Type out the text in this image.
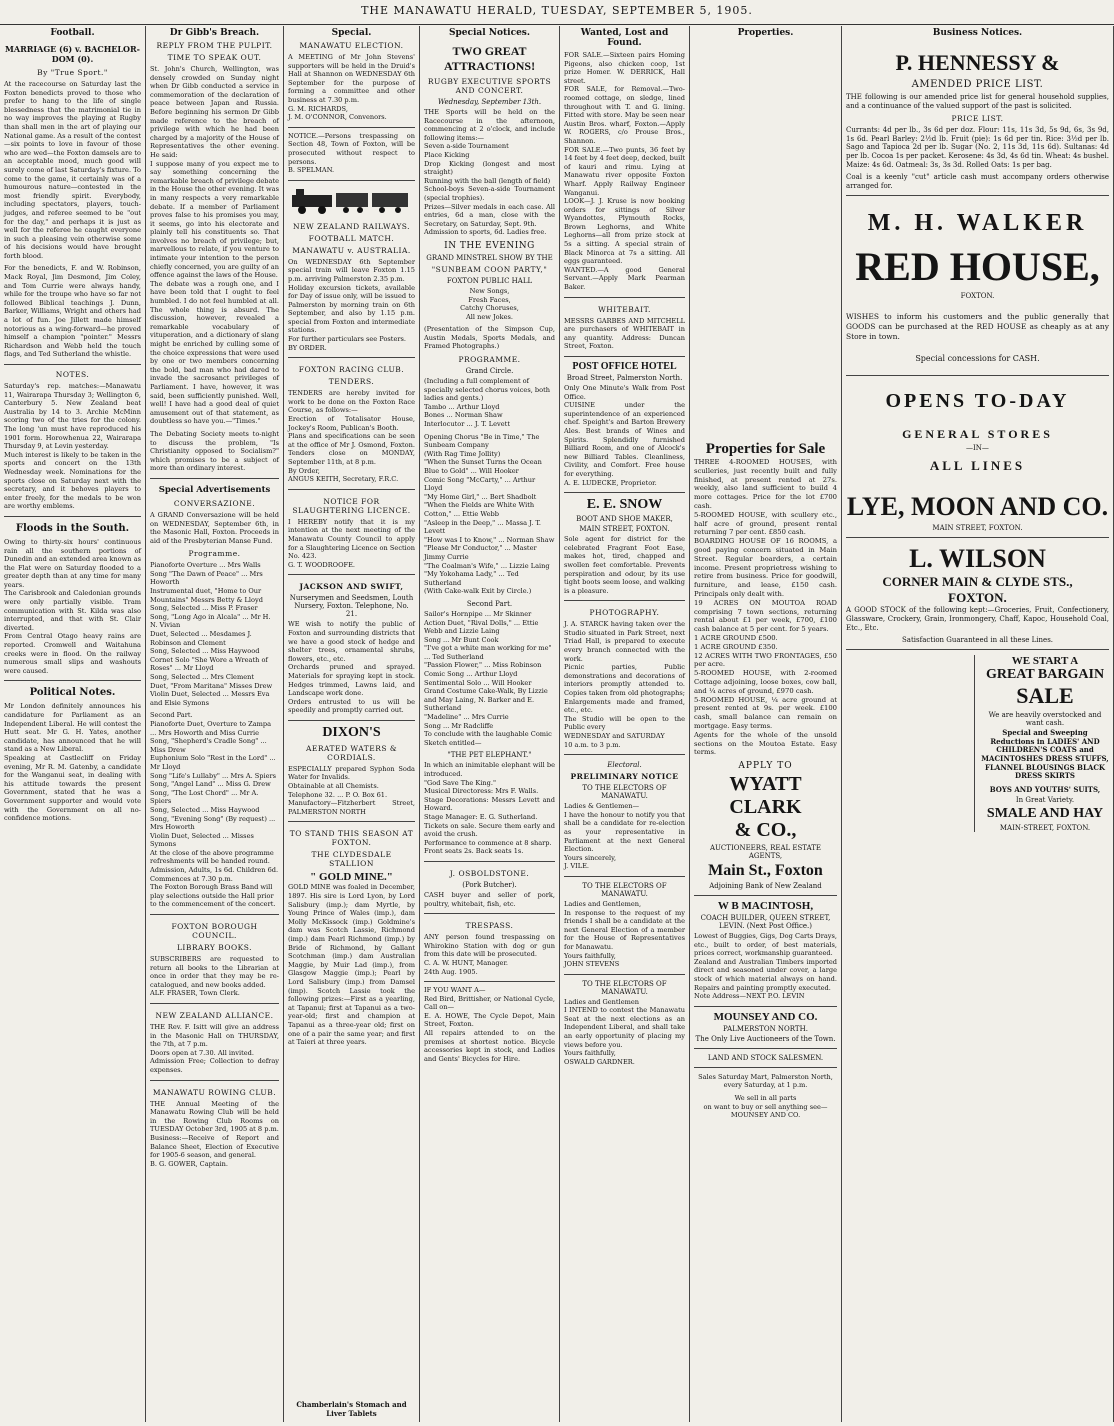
THE MANAWATU HERALD, TUESDAY, SEPTEMBER 5, 1905.
Football.
MARRIAGE (6) v. BACHELOR-DOM (0).
By "True Sport."

At the racecourse on Saturday last the Foxton benedicts proved to those who prefer to hang to the life of single blessedness that the matrimonial tie in no way improves the playing at Rugby than shall men in the art of playing our National game. As a result of the contest—six points to love in favour of those who are wed—the Foxton damsels are to an acceptable mood, much good will surely come of last Saturday's fixture. To come to the game, it certainly was of a humourous nature—contested in the most friendly spirit. Everybody, including spectators, players, touch-judges, and referee seemed to be "out for the day," and perhaps it is just as well for the referee he caught everyone in such a pleasing vein otherwise some of his decisions would have brought forth blood.

For the benedicts, F. and W. Robinson, Mack Royal, Jim Desmond, Jim Coley, and Tom Currie were always handy, while for the troupe who have so far not followed Biblical teachings J. Dunn, Barker, Williams, Wright and others had a lot of fun. Joe Jillett made himself notorious as a wing-forward—he proved himself a champion "pointer." Messrs Richardson and Webb held the touch flags, and Ted Sutherland the whistle.

NOTES.

Saturday's rep. matches:—Manawatu 11, Wairarapa Thursday 3; Wellington 6, Canterbury 5. New Zealand beat Australia by 14 to 3. Archie McMinn scoring two of the tries for the colony. The long 'un must have reproduced his 1901 form. Horowhenua 22, Wairarapa Thursday 9, at Levin yesterday.
Much interest is likely to be taken in the sports and concert on the 13th Wednesday week. Nominations for the sports close on Saturday next with the secretary, and it behoves players to enter freely, for the medals to be won are worthy emblems.

Floods in the South.

Owing to thirty-six hours' continuous rain all the southern portions of Dunedin and an extended area known as the Flat were on Saturday flooded to a greater depth than at any time for many years.
The Carisbrook and Caledonian grounds were only partially visible. Tram communication with St. Kilda was also interrupted, and that with St. Clair diverted.
From Central Otago heavy rains are reported. Cromwell and Waitahuna creeks were in flood. On the railway numerous small slips and washouts were caused.

Political Notes.

Mr London definitely announces his candidature for Parliament as an Independent Liberal. He will contest the Hutt seat. Mr G. H. Yates, another candidate, has announced that he will stand as a New Liberal.
Speaking at Castlecliff on Friday evening, Mr R. M. Gatenby, a candidate for the Wanganui seat, in dealing with his attitude towards the present Government, stated that he was a Government supporter and would vote with the Government on all no-confidence motions.

Dr Gibb's Breach.
REPLY FROM THE PULPIT.
TIME TO SPEAK OUT.

St. John's Church, Wellington, was densely crowded on Sunday night when Dr Gibb conducted a service in commemoration of the declaration of peace between Japan and Russia. Before beginning his sermon Dr Gibb made reference to the breach of privilege with which he had been charged by a majority of the House of Representatives the other evening. He said:
I suppose many of you expect me to say something concerning the remarkable breach of privilege debate in the House the other evening. It was in many respects a very remarkable debate. If a member of Parliament proves false to his promises you may, it seems, go into his electorate and plainly tell his constituents so. That involves no breach of privilege; but, marvellous to relate, if you venture to intimate your intention to the person chiefly concerned, you are guilty of an offence against the laws of the House.
The debate was a rough one, and I have been told that I ought to feel humbled. I do not feel humbled at all. The whole thing is absurd. The discussion, however, revealed a remarkable vocabulary of vituperation, and a dictionary of slang might be enriched by culling some of the choice expressions that were used by one or two members concerning the bold, bad man who had dared to invade the sacrosanct privileges of Parliament. I have, however, it was said, been sufficiently punished. Well, well! I have had a good deal of quiet amusement out of that statement, as doubtless so have you.—"Times."

The Debating Society meets to-night to discuss the problem, "Is Christianity opposed to Socialism?" which promises to be a subject of more than ordinary interest.

Special Advertisements
CONVERSAZIONE.

A GRAND Conversazione will be held on WEDNESDAY, September 6th, in the Masonic Hall, Foxton. Proceeds in aid of the Presbyterian Manse Fund.

Programme.

Pianoforte Overture ... Mrs Walls
Song "The Dawn of Peace" ... Mrs Howorth
Instrumental duet, "Home to Our Mountains" Messrs Betty & Lloyd
Song, Selected ... Miss P. Fraser
Song, "Long Ago in Alcala" ... Mr H. N. Vivian
Duet, Selected ... Mesdames J. Robinson and Clement
Song, Selected ... Miss Haywood
Cornet Solo "She Wore a Wreath of Roses" ... Mr Lloyd
Song, Selected ... Mrs Clement
Duet, "From Maritana" Misses Drew
Violin Duet, Selected ... Messrs Eva and Elsie Symons

Second Part.
Pianoforte Duet, Overture to Zampa ... Mrs Howorth and Miss Currie
Song, "Shepherd's Cradle Song" ... Miss Drew
Euphonium Solo "Rest in the Lord" ... Mr Lloyd
Song "Life's Lullaby" ... Mrs A. Spiers
Song, "Angel Land" ... Miss G. Drew
Song, "The Lost Chord" ... Mr A. Spiers
Song, Selected ... Miss Haywood
Song, "Evening Song" (By request) ... Mrs Howorth
Violin Duet, Selected ... Misses Symons
At the close of the above programme refreshments will be handed round.
Admission, Adults, 1s 6d. Children 6d. Commences at 7.30 p.m.
The Foxton Borough Brass Band will play selections outside the Hall prior to the commencement of the concert.

FOXTON BOROUGH COUNCIL.
LIBRARY BOOKS.

SUBSCRIBERS are requested to return all books to the Librarian at once in order that they may be re-catalogued, and new books added.
ALF. FRASER, Town Clerk.

NEW ZEALAND ALLIANCE.

THE Rev. F. Isitt will give an address in the Masonic Hall on THURSDAY, the 7th, at 7 p.m.
Doors open at 7.30. All invited.
Admission Free; Collection to defray expenses.

MANAWATU ROWING CLUB.

THE Annual Meeting of the Manawatu Rowing Club will be held in the Rowing Club Rooms on TUESDAY October 3rd, 1905 at 8 p.m.
Business:—Receive of Report and Balance Sheet, Election of Executive for 1905-6 season, and general.
B. G. GOWER, Captain.

Special.
MANAWATU ELECTION.

A MEETING of Mr John Stevens' supporters will be held in the Druid's Hall at Shannon on WEDNESDAY 6th September for the purpose of forming a committee and other business at 7.30 p.m.
G. M. RICHARDS,
J. M. O'CONNOR, Convenors.

NOTICE.—Persons trespassing on Section 48, Town of Foxton, will be prosecuted without respect to persons.
B. SPELMAN.

NEW ZEALAND RAILWAYS.
FOOTBALL MATCH.
MANAWATU v. AUSTRALIA.

On WEDNESDAY 6th September special train will leave Foxton 1.15 p.m. arriving Palmerston 2.35 p.m.
Holiday excursion tickets, available for Day of issue only, will be issued to Palmerston by morning train on 6th September, and also by 1.15 p.m. special from Foxton and intermediate stations.
For further particulars see Posters.
BY ORDER.

FOXTON RACING CLUB.
TENDERS.

TENDERS are hereby invited for work to be done on the Foxton Race Course, as follows:—
Erection of Totalisator House, Jockey's Room, Publican's Booth.
Plans and specifications can be seen at the office of Mr J. Osmond, Foxton. Tenders close on MONDAY, September 11th, at 8 p.m.
By Order,
ANGUS KEITH, Secretary, F.R.C.

NOTICE FOR SLAUGHTERING LICENCE.

I HEREBY notify that it is my intention at the next meeting of the Manawatu County Council to apply for a Slaughtering Licence on Section No. 423.
G. T. WOODROOFE.

JACKSON AND SWIFT,
Nurserymen and Seedsmen, Louth Nursery, Foxton. Telephone, No. 21.

WE wish to notify the public of Foxton and surrounding districts that we have a good stock of hedge and shelter trees, ornamental shrubs, flowers, etc., etc.
Orchards pruned and sprayed. Materials for spraying kept in stock. Hedges trimmed, Lawns laid, and Landscape work done.
Orders entrusted to us will be speedily and promptly carried out.

DIXON'S
AERATED WATERS & CORDIALS.

ESPECIALLY prepared Syphon Soda Water for Invalids.
Obtainable at all Chemists.
Telephone 32. ... P. O. Box 61.
Manufactory—Fitzherbert Street, PALMERSTON NORTH

TO STAND THIS SEASON AT FOXTON.
THE CLYDESDALE STALLION
" GOLD MINE."

GOLD MINE was foaled in December, 1897. His sire is Lord Lyon, by Lord Salisbury (imp.); dam Myrtle, by Young Prince of Wales (imp.), dam Molly McKissock (imp.) Goldmine's dam was Scotch Lassie, Richmond (imp.) dam Pearl Richmond (imp.) by Bride of Richmond, by Gallant Scotchman (imp.) dam Australian Maggie, by Muir Lad (imp.), from Glasgow Maggie (imp.); Pearl by Lord Salisbury (imp.) from Damsel (imp). Scotch Lassie took the following prizes:—First as a yearling, at Tapanui; first at Tapanui as a two-year-old; first and champion at Tapanui as a three-year old; first on one of a pair the same year; and first at Taieri at three years.

Chamberlain's Stomach and Liver Tablets
Special Notices.
TWO GREAT ATTRACTIONS!
RUGBY EXECUTIVE SPORTS AND CONCERT.
Wednesday, September 13th.

THE Sports will be held on the Racecourse in the afternoon, commencing at 2 o'clock, and include following items:—
Seven a-side Tournament
Place Kicking
Drop Kicking (longest and most straight)
Running with the ball (length of field)
School-boys Seven-a-side Tournament (special trophies).
Prizes—Silver medals in each case. All entries, 6d a man, close with the Secretary, on Saturday, Sept. 9th.
Admission to sports, 6d. Ladies free.

IN THE EVENING
GRAND MINSTREL SHOW BY THE
"SUNBEAM COON PARTY,"
FOXTON PUBLIC HALL

New Songs,
Fresh Faces,
Catchy Choruses,
All new Jokes.

(Presentation of the Simpson Cup, Austin Medals, Sports Medals, and Framed Photographs.)

PROGRAMME.
Grand Circle.

(Including a full complement of specially selected chorus voices, both ladies and gents.)
Tambo ... Arthur Lloyd
Bones ... Norman Shaw
Interlocutor ... J. T. Levett

Opening Chorus "Be in Time," The Sunbeam Company
(With Rag Time Jollity)
"When the Sunset Turns the Ocean Blue to Gold" ... Will Hooker
Comic Song "McCarty," ... Arthur Lloyd
"My Home Girl," ... Bert Shadbolt
"When the Fields are White With Cotton," ... Ettie Webb
"Asleep in the Deep," ... Massa J. T. Levett
"How was I to Know," ... Norman Shaw
"Please Mr Conductor," ... Master Jimmy Currie
"The Coalman's Wife," ... Lizzie Laing
"My Yokohama Lady," ... Ted Sutherland
(With Cake-walk Exit by Circle.)

Second Part.

Sailor's Hornpipe ... Mr Skinner
Action Duet, "Rival Dolls," ... Ettie Webb and Lizzie Laing
Song ... Mr Bunt Cook
"I've got a white man working for me" ... Ted Sutherland
"Passion Flower," ... Miss Robinson
Comic Song ... Arthur Lloyd
Sentimental Solo ... Will Hooker
Grand Costume Cake-Walk, By Lizzie and May Laing, N. Barker and E. Sutherland
"Madeline" ... Mrs Currie
Song ... Mr Radcliffe
To conclude with the laughable Comic Sketch entitled—

"THE PET ELEPHANT."

In which an inimitable elephant will be introduced.
"God Save The King."
Musical Directoress: Mrs F. Walls.
Stage Decorations: Messrs Levett and Howard.
Stage Manager: E. G. Sutherland.
Tickets on sale. Secure them early and avoid the crush.
Performance to commence at 8 sharp.
Front seats 2s. Back seats 1s.

J. OSBOLDSTONE.
(Pork Butcher).

CASH buyer and seller of pork, poultry, whitebait, fish, etc.

TRESPASS.

ANY person found trespassing on Whirokino Station with dog or gun from this date will be prosecuted.
C. A. W. HUNT, Manager.
24th Aug. 1905.

IF YOU WANT A—
Red Bird, Brittisher, or National Cycle, Call on—
E. A. HOWE, The Cycle Depot, Main Street, Foxton.
All repairs attended to on the premises at shortest notice. Bicycle accessories kept in stock, and Ladies and Gents' Bicycles for Hire.

Wanted, Lost and Found.

FOR SALE.—Sixteen pairs Homing Pigeons, also chicken coop, 1st prize Homer. W. DERRICK, Hall street.
FOR SALE, for Removal.—Two-roomed cottage, on sledge, lined throughout with T. and G. lining. Fitted with store. May be seen near Austin Bros. wharf, Foxton.—Apply W. ROGERS, c/o Prouse Bros., Shannon.
FOR SALE.—Two punts, 36 feet by 14 feet by 4 feet deep, decked, built of kauri and rimu. Lying at Manawatu river opposite Foxton Wharf. Apply Railway Engineer Wanganui.
LOOK—J. J. Kruse is now booking orders for sittings of Silver Wyandottes, Plymouth Rocks, Brown Leghorns, and White Leghorns—all from prize stock at 5s a sitting. A special strain of Black Minorca at 7s a sitting. All eggs guaranteed.
WANTED.—A good General Servant.—Apply Mark Pearman Baker.

WHITEBAIT.

MESSRS GARBES AND MITCHELL are purchasers of WHITEBAIT in any quantity. Address: Duncan Street, Foxton.

POST OFFICE HOTEL
Broad Street, Palmerston North.

Only One Minute's Walk from Post Office.
CUISINE under the superintendence of an experienced chef. Speight's and Barton Brewery Ales. Best brands of Wines and Spirits. Splendidly furnished Billiard Room, and one of Alcock's new Billiard Tables. Cleanliness, Civility, and Comfort. Free house for everything.
A. E. LUDECKE, Proprietor.

E. E. SNOW
BOOT AND SHOE MAKER,
MAIN STREET, FOXTON.

Sole agent for district for the celebrated Fragrant Foot Ease, makes hot, tired, chapped and swollen feet comfortable. Prevents perspiration and odour, by its use tight boots seem loose, and walking is a pleasure.

PHOTOGRAPHY.

J. A. STARCK having taken over the Studio situated in Park Street, next Triad Hall, is prepared to execute every branch connected with the work.
Picnic parties, Public demonstrations and decorations of interiors promptly attended to. Copies taken from old photographs; Enlargements made and framed, etc., etc.
The Studio will be open to the Public every
WEDNESDAY and SATURDAY
10 a.m. to 3 p.m.

Electoral.
PRELIMINARY NOTICE
TO THE ELECTORS OF MANAWATU.

Ladies & Gentlemen—
I have the honour to notify you that shall be a candidate for re-election as your representative in Parliament at the next General Election.
Yours sincerely,
J. VILE.

TO THE ELECTORS OF MANAWATU.

Ladies and Gentlemen,
In response to the request of my friends I shall be a candidate at the next General Election of a member for the House of Representatives for Manawatu.
Yours faithfully,
JOHN STEVENS

TO THE ELECTORS OF MANAWATU.

Ladies and Gentlemen
I INTEND to contest the Manawatu Seat at the next elections as an Independent Liberal, and shall take an early opportunity of placing my views before you.
Yours faithfully,
OSWALD GARDNER.

Properties.
Properties for Sale

THREE 4-ROOMED HOUSES, with sculleries, just recently built and fully finished, at present rented at 27s. weekly, also land sufficient to build 4 more cottages. Price for the lot £700 cash.
5-ROOMED HOUSE, with scullery etc., half acre of ground, present rental returning 7 per cent. £850 cash.
BOARDING HOUSE OF 16 ROOMS, a good paying concern situated in Main Street. Regular boarders, a certain income. Present proprietress wishing to retire from business. Price for goodwill, furniture, and lease, £150 cash. Principals only dealt with.
19 ACRES ON MOUTOA ROAD comprising 7 town sections, returning rental about £1 per week, £700, £100 cash balance at 5 per cent. for 5 years.
1 ACRE GROUND £500.
1 ACRE GROUND £350.
12 ACRES WITH TWO FRONTAGES, £50 per acre.
5-ROOMED HOUSE, with 2-roomed Cottage adjoining, loose boxes, cow ball, and ¼ acres of ground, £970 cash.
5-ROOMED HOUSE, ¼ acre ground at present rented at 9s. per week. £100 cash, small balance can remain on mortgage. Easy terms.
Agents for the whole of the unsold sections on the Moutoa Estate. Easy terms.

APPLY TO
WYATT CLARK
& CO.,
AUCTIONEERS, REAL ESTATE AGENTS,
Main St., Foxton
Adjoining Bank of New Zealand
W B MACINTOSH,
COACH BUILDER, QUEEN STREET, LEVIN. (Next Post Office.)

Lowest of Buggies, Gigs, Dog Carts Drays, etc., built to order, of best materials, prices correct, workmanship guaranteed.
Zealand and Australian Timbers imported direct and seasoned under cover, a large stock of which material always on hand. Repairs and painting promptly executed.
Note Address—NEXT P.O. LEVIN

MOUNSEY AND CO.
PALMERSTON NORTH.
The Only Live Auctioneers of the Town.
LAND AND STOCK SALESMEN.

Sales Saturday Mart, Palmerston North, every Saturday, at 1 p.m.

We sell in all parts
on want to buy or sell anything see—
MOUNSEY AND CO.

Business Notices.
P. HENNESSY &
AMENDED PRICE LIST.

THE following is our amended price list for general household supplies, and a continuance of the valued support of the past is solicited.

PRICE LIST.

Currants: 4d per lb., 3s 6d per doz. Flour: 11s, 11s 3d, 5s 9d, 6s, 3s 9d, 1s 6d. Pearl Barley: 2½d lb. Fruit (pie): 1s 6d per tin. Rice: 3½d per lb. Sago and Tapioca 2d per lb. Sugar (No. 2, 11s 3d, 11s 6d). Sultanas: 4d per lb. Cocoa 1s per packet. Kerosene: 4s 3d, 4s 6d tin. Wheat: 4s bushel. Maize: 4s 6d. Oatmeal: 3s, 3s 3d. Rolled Oats: 1s per bag.

Coal is a keenly "cut" article cash must accompany orders otherwise arranged for.

M. H. WALKER
RED HOUSE,
FOXTON.

WISHES to inform his customers and the public generally that GOODS can be purchased at the RED HOUSE as cheaply as at any Store in town.

Special concessions for CASH.
OPENS TO-DAY
GENERAL STORES
—IN—
ALL LINES
LYE, MOON AND CO.
MAIN STREET, FOXTON.
L. WILSON
CORNER MAIN & CLYDE STS.,
FOXTON.

A GOOD STOCK of the following kept:—Groceries, Fruit, Confectionery, Glassware, Crockery, Grain, Ironmongery, Chaff, Kapoc, Household Coal, Etc., Etc.

Satisfaction Guaranteed in all these Lines.
WE START A
GREAT BARGAIN
SALE
We are heavily overstocked and want cash.

Special and Sweeping Reductions in LADIES' AND CHILDREN'S COATS and MACINTOSHES DRESS STUFFS, FLANNEL BLOUSINGS BLACK DRESS SKIRTS

BOYS AND YOUTHS' SUITS,
In Great Variety.
SMALE AND HAY
MAIN-STREET, FOXTON.
